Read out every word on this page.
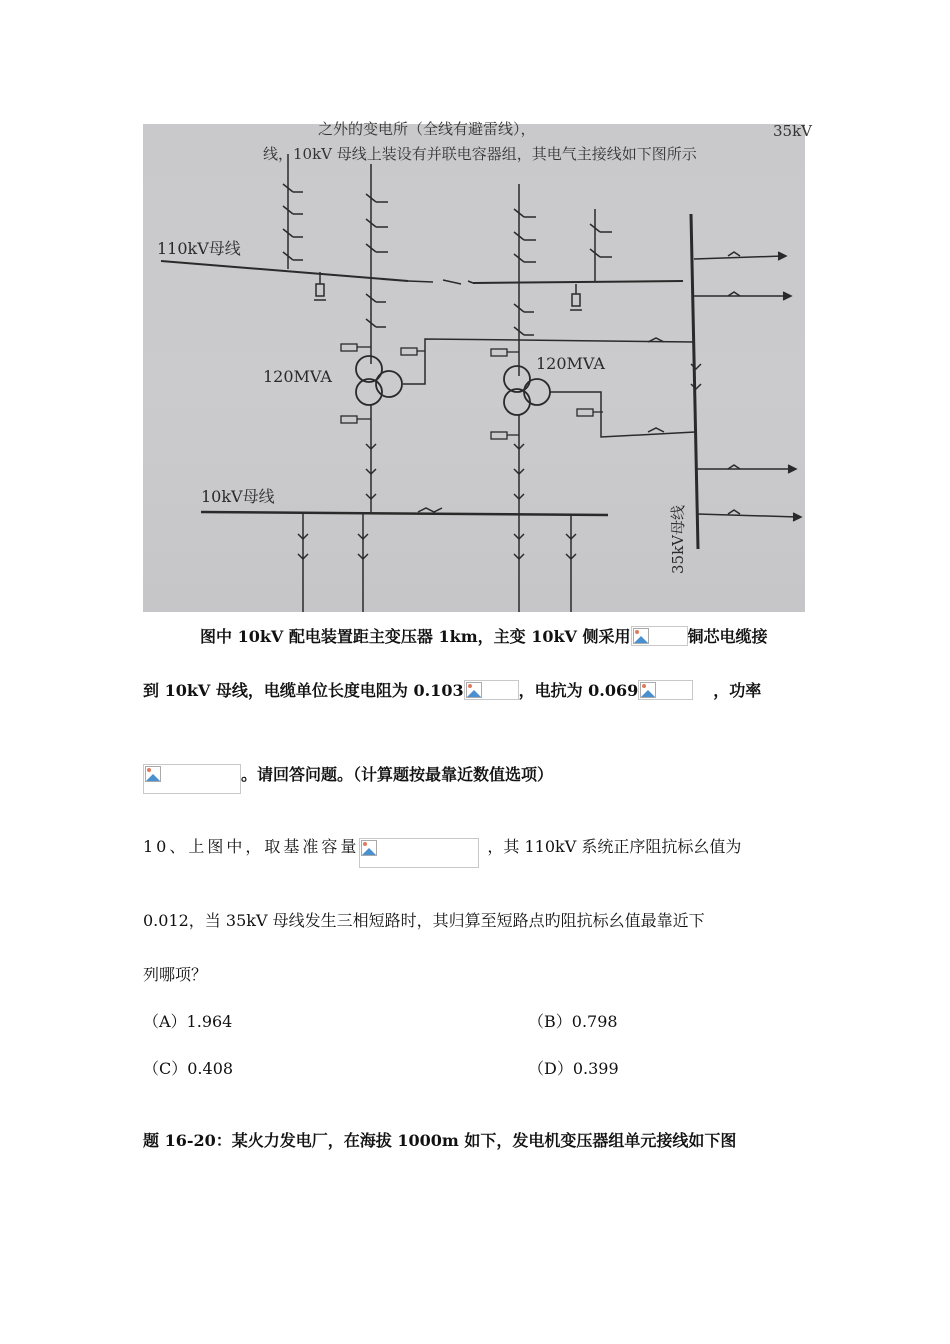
之外的变电所（全线有避雷线），	35kV
线，10kV 母线上装设有并联电容器组，其电气主接线如下图所示
110kV母线
120MVA
120MVA
35kV母线
10kV母线
图中 10kV 配电装置距主变压器 1km，主变 10kV 侧采用	铜芯电缆接
到 10kV 母线，电缆单位长度电阻为 0.103	，电抗为 0.069	，功率
。请回答问题。（计算题按最靠近数值选项）
10、上图中，取基准容量	，其 110kV 系统正序阻抗标幺值为
0.012，当 35kV 母线发生三相短路时，其归算至短路点旳阻抗标幺值最靠近下
列哪项？
（A）1.964	（B）0.798
（C）0.408	（D）0.399
题 16-20：某火力发电厂，在海拔 1000m 如下，发电机变压器组单元接线如下图
